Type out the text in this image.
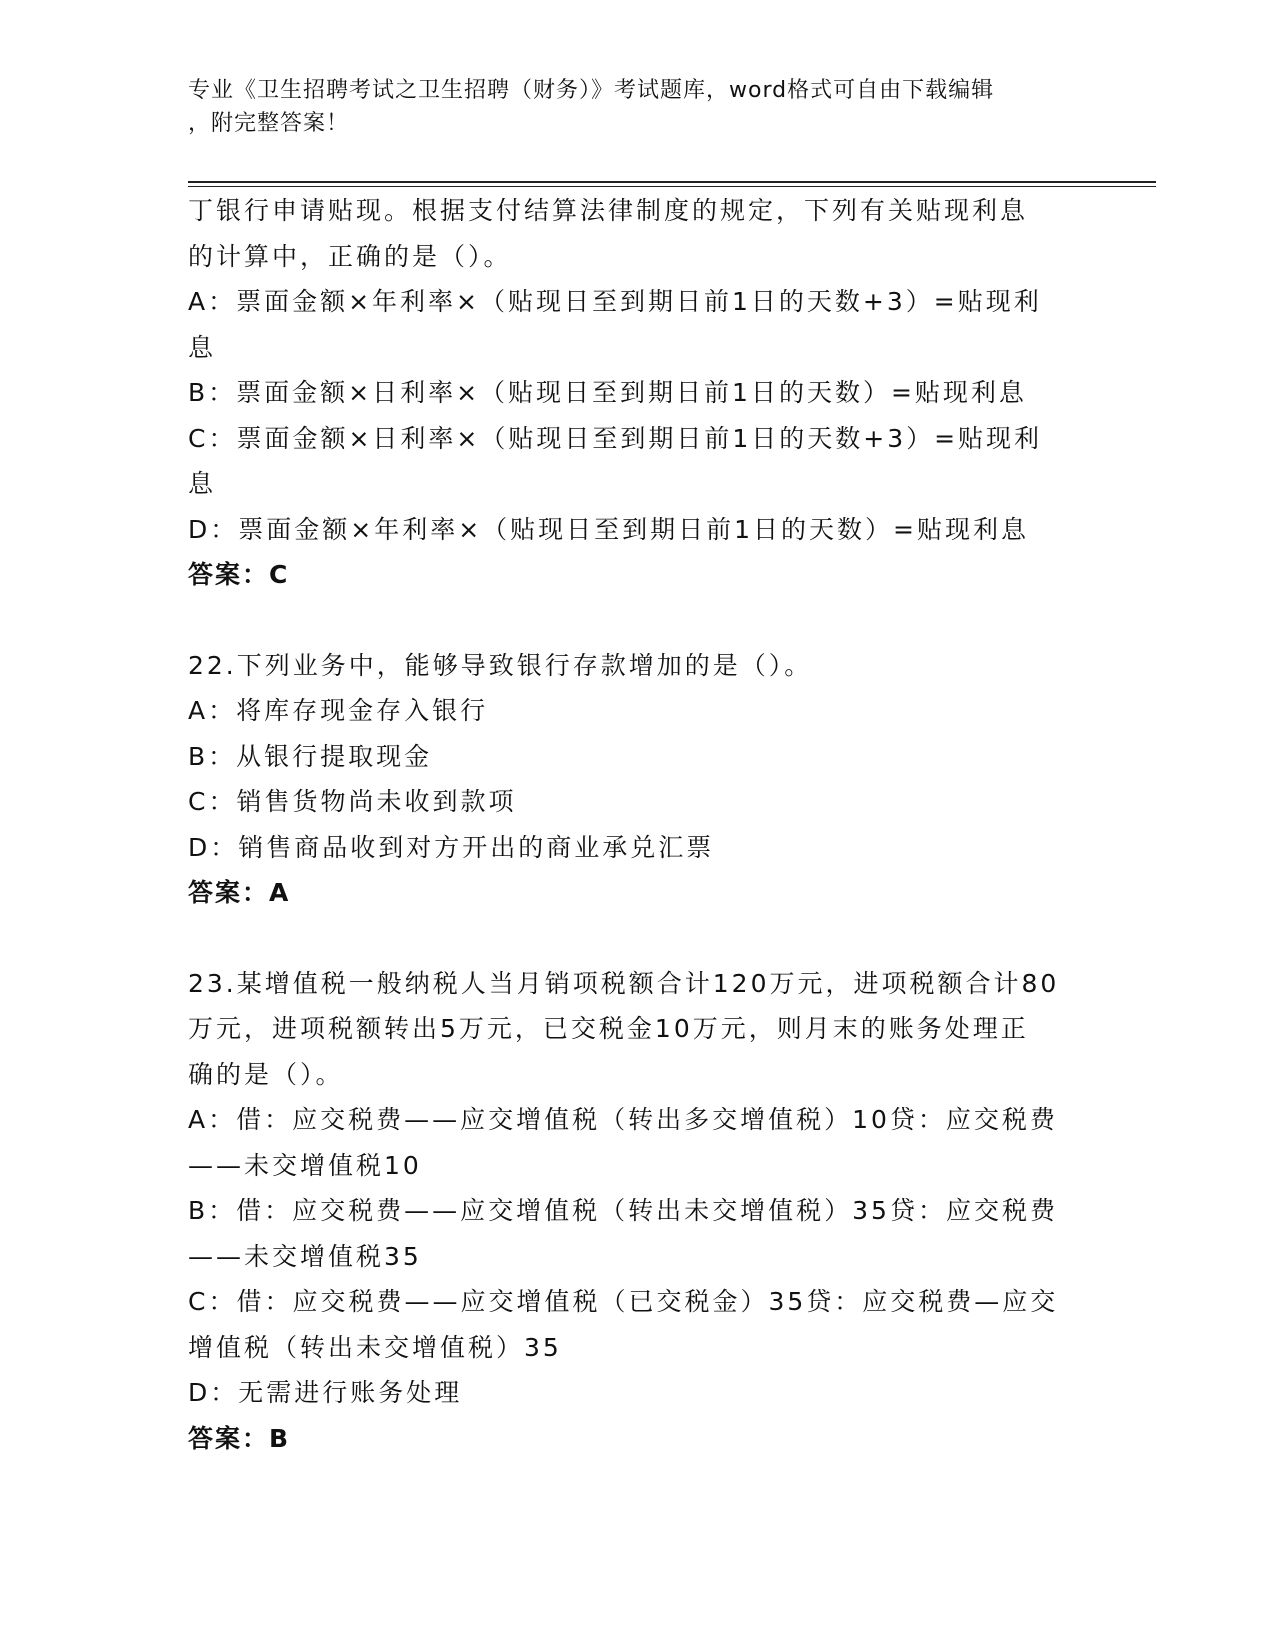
专业《卫生招聘考试之卫生招聘（财务）》考试题库，word格式可自由下载编辑
，附完整答案！
丁银行申请贴现。根据支付结算法律制度的规定，下列有关贴现利息
的计算中，正确的是（）。
A：票面金额×年利率×（贴现日至到期日前1日的天数+3）=贴现利
息
B：票面金额×日利率×（贴现日至到期日前1日的天数）=贴现利息
C：票面金额×日利率×（贴现日至到期日前1日的天数+3）=贴现利
息
D：票面金额×年利率×（贴现日至到期日前1日的天数）=贴现利息
答案：C
22.下列业务中，能够导致银行存款增加的是（）。
A：将库存现金存入银行
B：从银行提取现金
C：销售货物尚未收到款项
D：销售商品收到对方开出的商业承兑汇票
答案：A
23.某增值税一般纳税人当月销项税额合计120万元，进项税额合计80
万元，进项税额转出5万元，已交税金10万元，则月末的账务处理正
确的是（）。
A：借：应交税费——应交增值税（转出多交增值税）10贷：应交税费
——未交增值税10
B：借：应交税费——应交增值税（转出未交增值税）35贷：应交税费
——未交增值税35
C：借：应交税费——应交增值税（已交税金）35贷：应交税费—应交
增值税（转出未交增值税）35
D：无需进行账务处理
答案：B
